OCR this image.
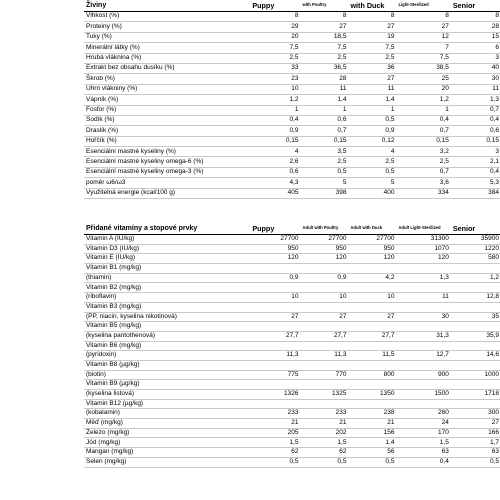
Živiny	Puppy	with Poultry	with Duck	Light-Sterilized	Senior
Vlhkost (%)	8	8	8	8	8
Proteiny (%)	29	27	27	27	28
Tuky (%)	20	18,5	19	12	15
Minerální látky (%)	7,5	7,5	7,5	7	6
Hrubá vláknina (%)	2,5	2,5	2,5	7,5	3
Extrakt bez obsahu dusíku (%)	33	36,5	36	38,5	40
Škrob (%)	23	28	27	25	30
Úhrn vlákniny (%)	10	11	11	20	11
Vápník (%)	1,2	1,4	1,4	1,2	1,3
Fosfor (%)	1	1	1	1	0,7
Sodík (%)	0,4	0,6	0,5	0,4	0,4
Draslík (%)	0,9	0,7	0,9	0,7	0,6
Hořčík (%)	0,15	0,15	0,12	0,15	0,15
Esenciální mastné kyseliny (%)	4	3,5	4	3,2	3
Esenciální mastné kyseliny omega-6 (%)	2,6	2,5	2,5	2,5	2,1
Esenciální mastné kyseliny omega-3 (%)	0,6	0,5	0,5	0,7	0,4
poměr ω6/ω3	4,3	5	5	3,6	5,3
Využitelná energie (kcal/100 g)	405	398	400	334	384
Přidané vitamíny a stopové prvky	Puppy	Adult with Poultry	Adult with Duck	Adult Light-Sterilized	Senior
Vitamin A (IU/kg)	27700	27700	27700	31300	35900
Vitamin D3 (IU/kg)	950	950	950	1070	1220
Vitamin E (IU/kg)	120	120	120	120	580
Vitamin B1 (mg/kg)					
(thiamin)	0,9	0,9	4,2	1,3	1,2
Vitamin B2 (mg/kg)					
(riboflavin)	10	10	10	11	12,8
Vitamin B3 (mg/kg)					
(PP, niacin, kyselina nikotinová)	27	27	27	30	35
Vitamin B5 (mg/kg)					
(kyselina pantothenová)	27,7	27,7	27,7	31,3	35,9
Vitamin B6 (mg/kg)					
(pyridoxin)	11,3	11,3	11,5	12,7	14,6
Vitamin B8 (µg/kg)					
(biotin)	775	770	800	900	1000
Vitamin B9 (µg/kg)					
(kyselina listová)	1326	1325	1350	1500	1718
Vitamin B12 (µg/kg)					
(kobalamin)	233	233	238	260	300
Měď (mg/kg)	21	21	21	24	27
Železo (mg/kg)	205	202	156	170	166
Jód (mg/kg)	1,5	1,5	1,4	1,5	1,7
Mangan (mg/kg)	62	62	56	63	63
Selen (mg/kg)	0,5	0,5	0,5	0,4	0,5
